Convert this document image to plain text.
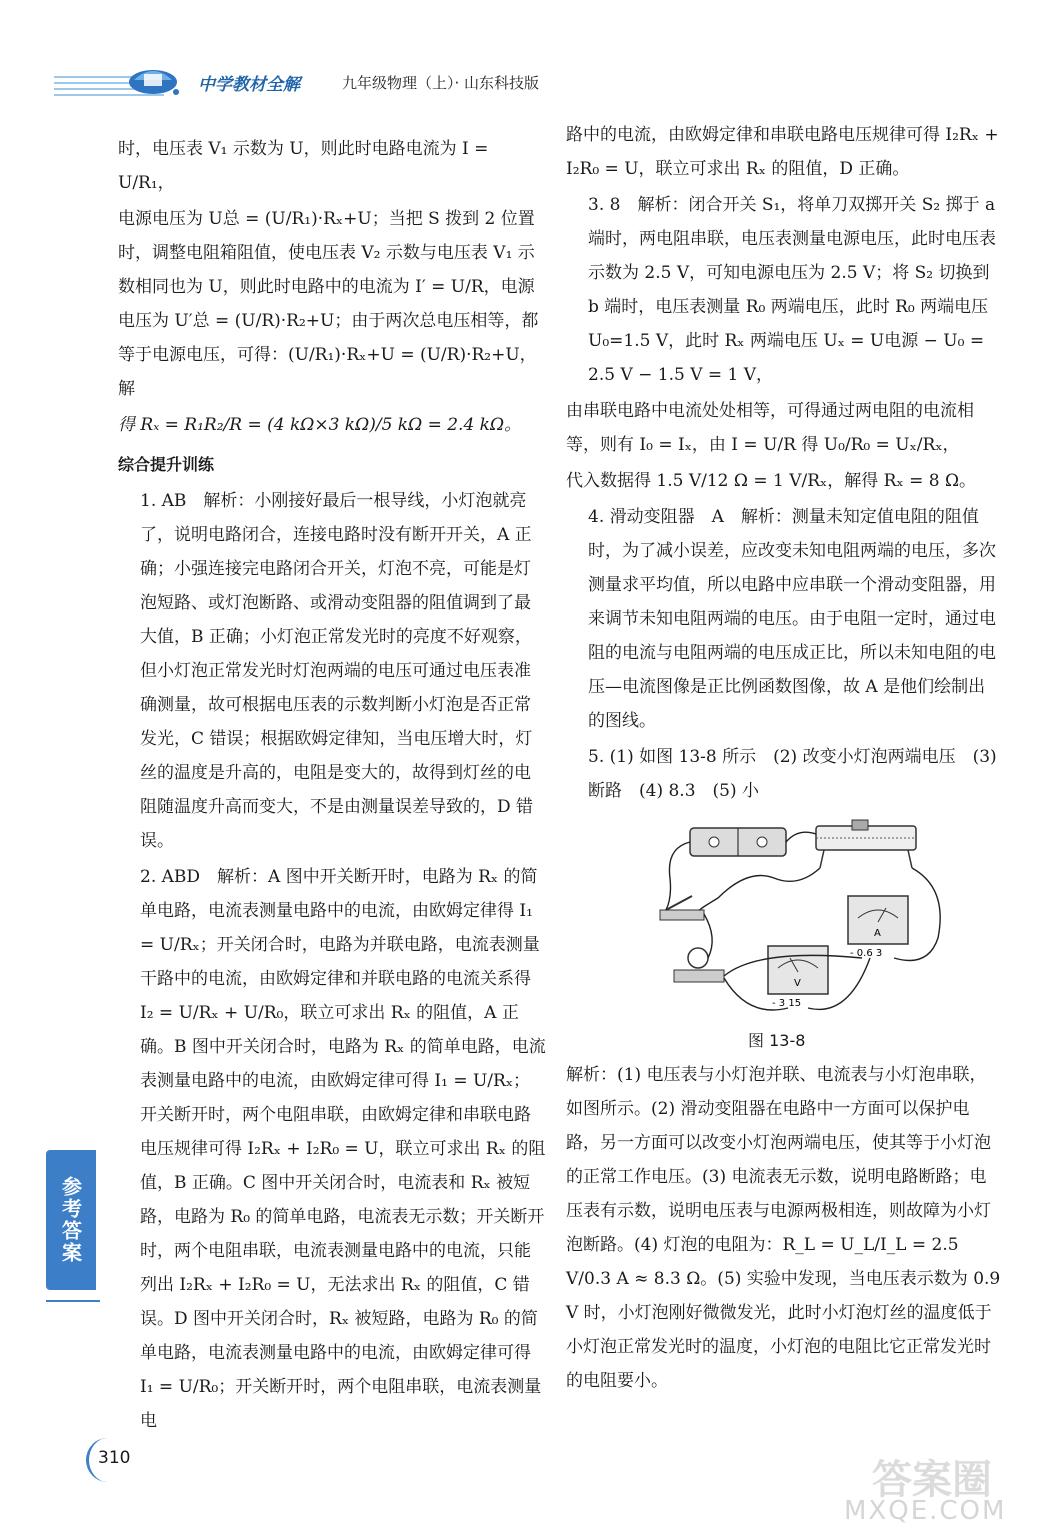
中学教材全解	九年级物理（上）· 山东科技版

时，电压表 V₁ 示数为 U，则此时电路电流为 I = U/R₁，

电源电压为 U总 = (U/R₁)·Rₓ+U；当把 S 拨到 2 位置时，调整电阻箱阻值，使电压表 V₂ 示数与电压表 V₁ 示数相同也为 U，则此时电路中的电流为 I′ = U/R，电源电压为 U′总 = (U/R)·R₂+U；由于两次总电压相等，都等于电源电压，可得：(U/R₁)·Rₓ+U = (U/R)·R₂+U，解

得 Rₓ = R₁R₂/R = (4 kΩ×3 kΩ)/5 kΩ = 2.4 kΩ。

综合提升训练

1. AB　解析：小刚接好最后一根导线，小灯泡就亮了，说明电路闭合，连接电路时没有断开开关，A 正确；小强连接完电路闭合开关，灯泡不亮，可能是灯泡短路、或灯泡断路、或滑动变阻器的阻值调到了最大值，B 正确；小灯泡正常发光时的亮度不好观察，但小灯泡正常发光时灯泡两端的电压可通过电压表准确测量，故可根据电压表的示数判断小灯泡是否正常发光，C 错误；根据欧姆定律知，当电压增大时，灯丝的温度是升高的，电阻是变大的，故得到灯丝的电阻随温度升高而变大，不是由测量误差导致的，D 错误。

2. ABD　解析：A 图中开关断开时，电路为 Rₓ 的简单电路，电流表测量电路中的电流，由欧姆定律得 I₁ = U/Rₓ；开关闭合时，电路为并联电路，电流表测量干路中的电流，由欧姆定律和并联电路的电流关系得 I₂ = U/Rₓ + U/R₀，联立可求出 Rₓ 的阻值，A 正确。B 图中开关闭合时，电路为 Rₓ 的简单电路，电流表测量电路中的电流，由欧姆定律可得 I₁ = U/Rₓ；开关断开时，两个电阻串联，由欧姆定律和串联电路电压规律可得 I₂Rₓ + I₂R₀ = U，联立可求出 Rₓ 的阻值，B 正确。C 图中开关闭合时，电流表和 Rₓ 被短路，电路为 R₀ 的简单电路，电流表无示数；开关断开时，两个电阻串联，电流表测量电路中的电流，只能列出 I₂Rₓ + I₂R₀ = U，无法求出 Rₓ 的阻值，C 错误。D 图中开关闭合时，Rₓ 被短路，电路为 R₀ 的简单电路，电流表测量电路中的电流，由欧姆定律可得 I₁ = U/R₀；开关断开时，两个电阻串联，电流表测量电

路中的电流，由欧姆定律和串联电路电压规律可得 I₂Rₓ + I₂R₀ = U，联立可求出 Rₓ 的阻值，D 正确。

3. 8　解析：闭合开关 S₁，将单刀双掷开关 S₂ 掷于 a 端时，两电阻串联，电压表测量电源电压，此时电压表示数为 2.5 V，可知电源电压为 2.5 V；将 S₂ 切换到 b 端时，电压表测量 R₀ 两端电压，此时 R₀ 两端电压 U₀=1.5 V，此时 Rₓ 两端电压 Uₓ = U电源 − U₀ = 2.5 V − 1.5 V = 1 V，

由串联电路中电流处处相等，可得通过两电阻的电流相等，则有 I₀ = Iₓ，由 I = U/R 得 U₀/R₀ = Uₓ/Rₓ，

代入数据得 1.5 V/12 Ω = 1 V/Rₓ，解得 Rₓ = 8 Ω。

4. 滑动变阻器　A　解析：测量未知定值电阻的阻值时，为了减小误差，应改变未知电阻两端的电压，多次测量求平均值，所以电路中应串联一个滑动变阻器，用来调节未知电阻两端的电压。由于电阻一定时，通过电阻的电流与电阻两端的电压成正比，所以未知电阻的电压—电流图像是正比例函数图像，故 A 是他们绘制出的图线。

5. (1) 如图 13-8 所示　(2) 改变小灯泡两端电压　(3) 断路　(4) 8.3　(5) 小

A
- 0.6 3
V
- 3 15
图 13-8

解析：(1) 电压表与小灯泡并联、电流表与小灯泡串联，如图所示。(2) 滑动变阻器在电路中一方面可以保护电路，另一方面可以改变小灯泡两端电压，使其等于小灯泡的正常工作电压。(3) 电流表无示数，说明电路断路；电压表有示数，说明电压表与电源两极相连，则故障为小灯泡断路。(4) 灯泡的电阻为：R_L = U_L/I_L = 2.5 V/0.3 A ≈ 8.3 Ω。(5) 实验中发现，当电压表示数为 0.9 V 时，小灯泡刚好微微发光，此时小灯泡灯丝的温度低于小灯泡正常发光时的温度，小灯泡的电阻比它正常发光时的电阻要小。

参考答案
310	答案圈
MXQE.COM
